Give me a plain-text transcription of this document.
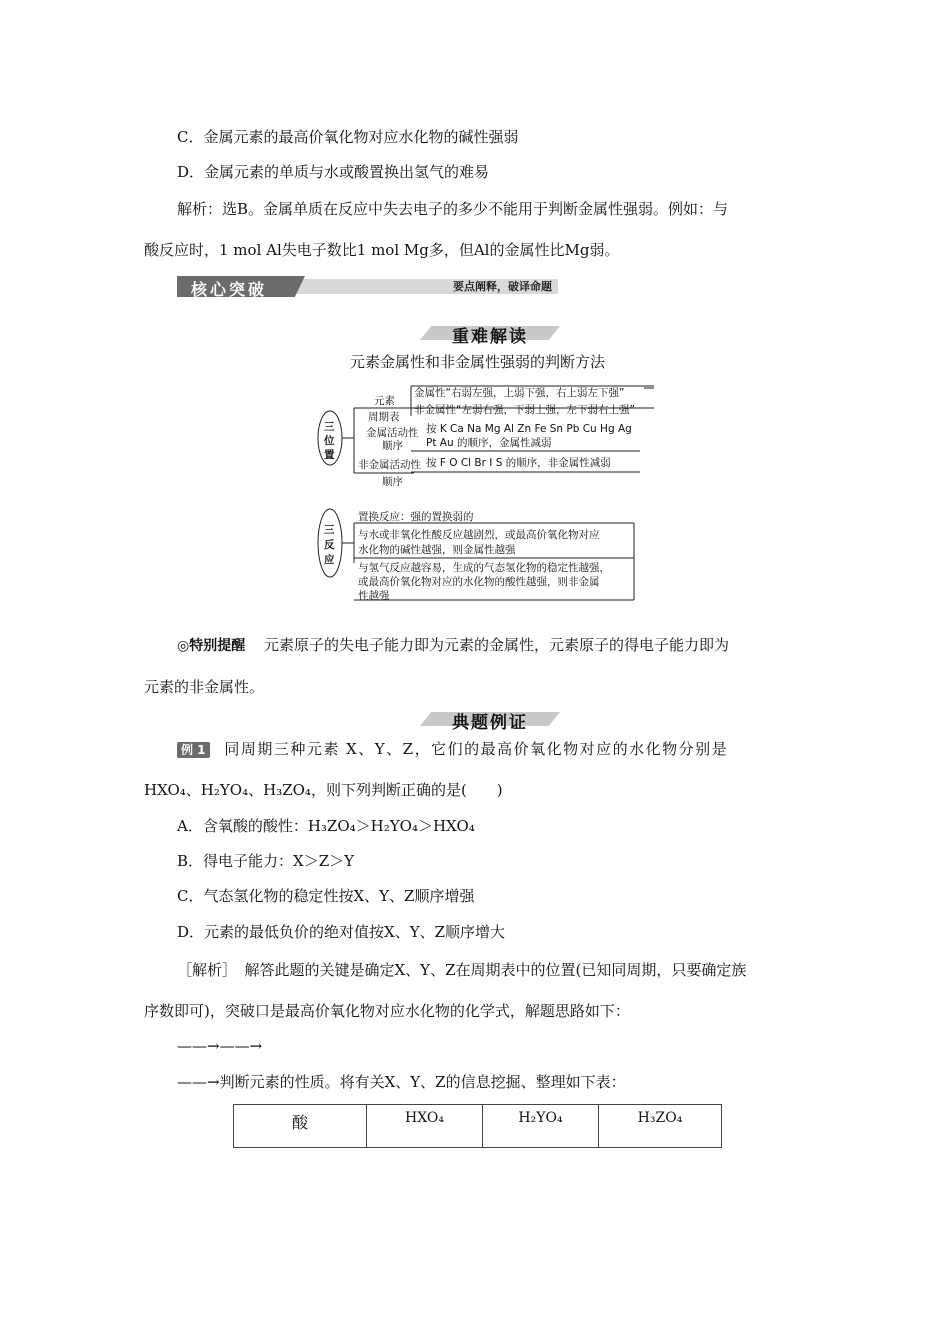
C．金属元素的最高价氧化物对应水化物的碱性强弱
D．金属元素的单质与水或酸置换出氢气的难易
解析：选B。金属单质在反应中失去电子的多少不能用于判断金属性强弱。例如：与
酸反应时，1 mol Al失电子数比1 mol Mg多，但Al的金属性比Mg弱。
核心突破	要点阐释，破译命题
重难解读
元素金属性和非金属性强弱的判断方法
三
位
置
三
反
应
元素
周期表
金属性“右弱左强，上弱下强，右上弱左下强”
非金属性“左弱右强，下弱上强，左下弱右上强”
金属活动性
顺序
按 K Ca Na Mg Al Zn Fe Sn Pb Cu Hg Ag
Pt Au 的顺序，金属性减弱
非金属活动性
顺序
按 F O Cl Br I S 的顺序，非金属性减弱
置换反应：强的置换弱的
与水或非氧化性酸反应越剧烈，或最高价氧化物对应
水化物的碱性越强，则金属性越强
与氢气反应越容易，生成的气态氢化物的稳定性越强，
或最高价氧化物对应的水化物的酸性越强，则非金属
性越强
◎特别提醒 元素原子的失电子能力即为元素的金属性，元素原子的得电子能力即为
元素的非金属性。
典题例证
例 1 同周期三种元素 X、Y、Z，它们的最高价氧化物对应的水化物分别是
HXO₄、H₂YO₄、H₃ZO₄，则下列判断正确的是(　　)
A．含氧酸的酸性：H₃ZO₄＞H₂YO₄＞HXO₄
B．得电子能力：X＞Z＞Y
C．气态氢化物的稳定性按X、Y、Z顺序增强
D．元素的最低负价的绝对值按X、Y、Z顺序增大
［解析］　解答此题的关键是确定X、Y、Z在周期表中的位置(已知同周期，只要确定族
序数即可)，突破口是最高价氧化物对应水化物的化学式，解题思路如下：
——→——→
——→判断元素的性质。将有关X、Y、Z的信息挖掘、整理如下表：
酸	HXO₄	H₂YO₄	H₃ZO₄
